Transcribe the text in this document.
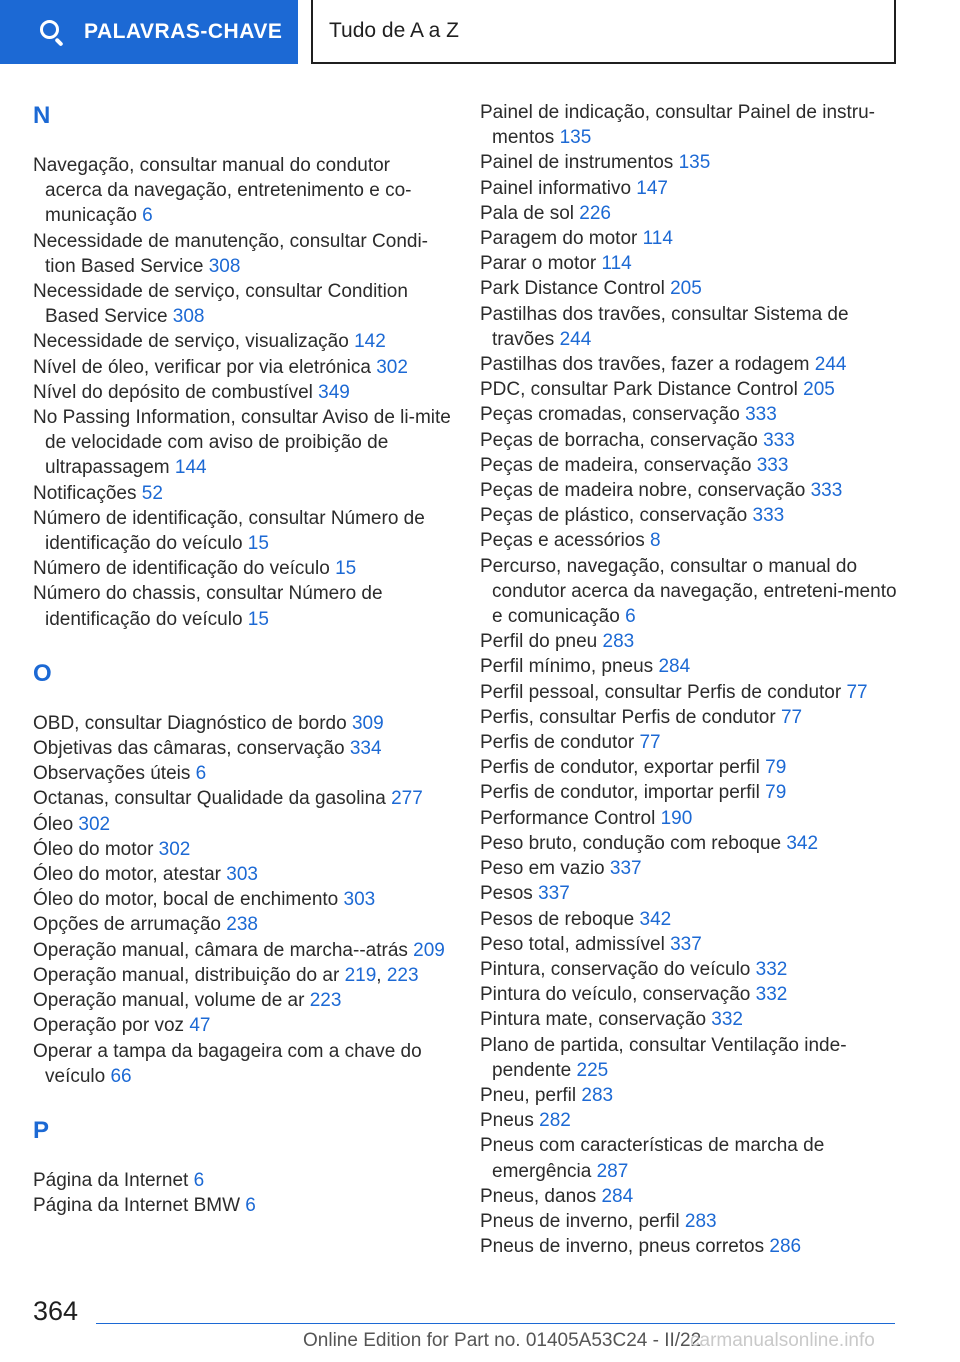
PALAVRAS-CHAVE Tudo de A a Z
N
Navegação, consultar manual do condutor acerca da navegação, entretenimento e co-municação 6
Necessidade de manutenção, consultar Condi-tion Based Service 308
Necessidade de serviço, consultar Condition Based Service 308
Necessidade de serviço, visualização 142
Nível de óleo, verificar por via eletrónica 302
Nível do depósito de combustível 349
No Passing Information, consultar Aviso de li-mite de velocidade com aviso de proibição de ultrapassagem 144
Notificações 52
Número de identificação, consultar Número de identificação do veículo 15
Número de identificação do veículo 15
Número do chassis, consultar Número de identificação do veículo 15
O
OBD, consultar Diagnóstico de bordo 309
Objetivas das câmaras, conservação 334
Observações úteis 6
Octanas, consultar Qualidade da gasolina 277
Óleo 302
Óleo do motor 302
Óleo do motor, atestar 303
Óleo do motor, bocal de enchimento 303
Opções de arrumação 238
Operação manual, câmara de marcha--atrás 209
Operação manual, distribuição do ar 219, 223
Operação manual, volume de ar 223
Operação por voz 47
Operar a tampa da bagageira com a chave do veículo 66
P
Página da Internet 6
Página da Internet BMW 6
Painel de indicação, consultar Painel de instru-mentos 135
Painel de instrumentos 135
Painel informativo 147
Pala de sol 226
Paragem do motor 114
Parar o motor 114
Park Distance Control 205
Pastilhas dos travões, consultar Sistema de travões 244
Pastilhas dos travões, fazer a rodagem 244
PDC, consultar Park Distance Control 205
Peças cromadas, conservação 333
Peças de borracha, conservação 333
Peças de madeira, conservação 333
Peças de madeira nobre, conservação 333
Peças de plástico, conservação 333
Peças e acessórios 8
Percurso, navegação, consultar o manual do condutor acerca da navegação, entreteni-mento e comunicação 6
Perfil do pneu 283
Perfil mínimo, pneus 284
Perfil pessoal, consultar Perfis de condutor 77
Perfis, consultar Perfis de condutor 77
Perfis de condutor 77
Perfis de condutor, exportar perfil 79
Perfis de condutor, importar perfil 79
Performance Control 190
Peso bruto, condução com reboque 342
Peso em vazio 337
Pesos 337
Pesos de reboque 342
Peso total, admissível 337
Pintura, conservação do veículo 332
Pintura do veículo, conservação 332
Pintura mate, conservação 332
Plano de partida, consultar Ventilação inde-pendente 225
Pneu, perfil 283
Pneus 282
Pneus com características de marcha de emergência 287
Pneus, danos 284
Pneus de inverno, perfil 283
Pneus de inverno, pneus corretos 286
364
Online Edition for Part no. 01405A53C24 - II/22
carmanualsonline.info
